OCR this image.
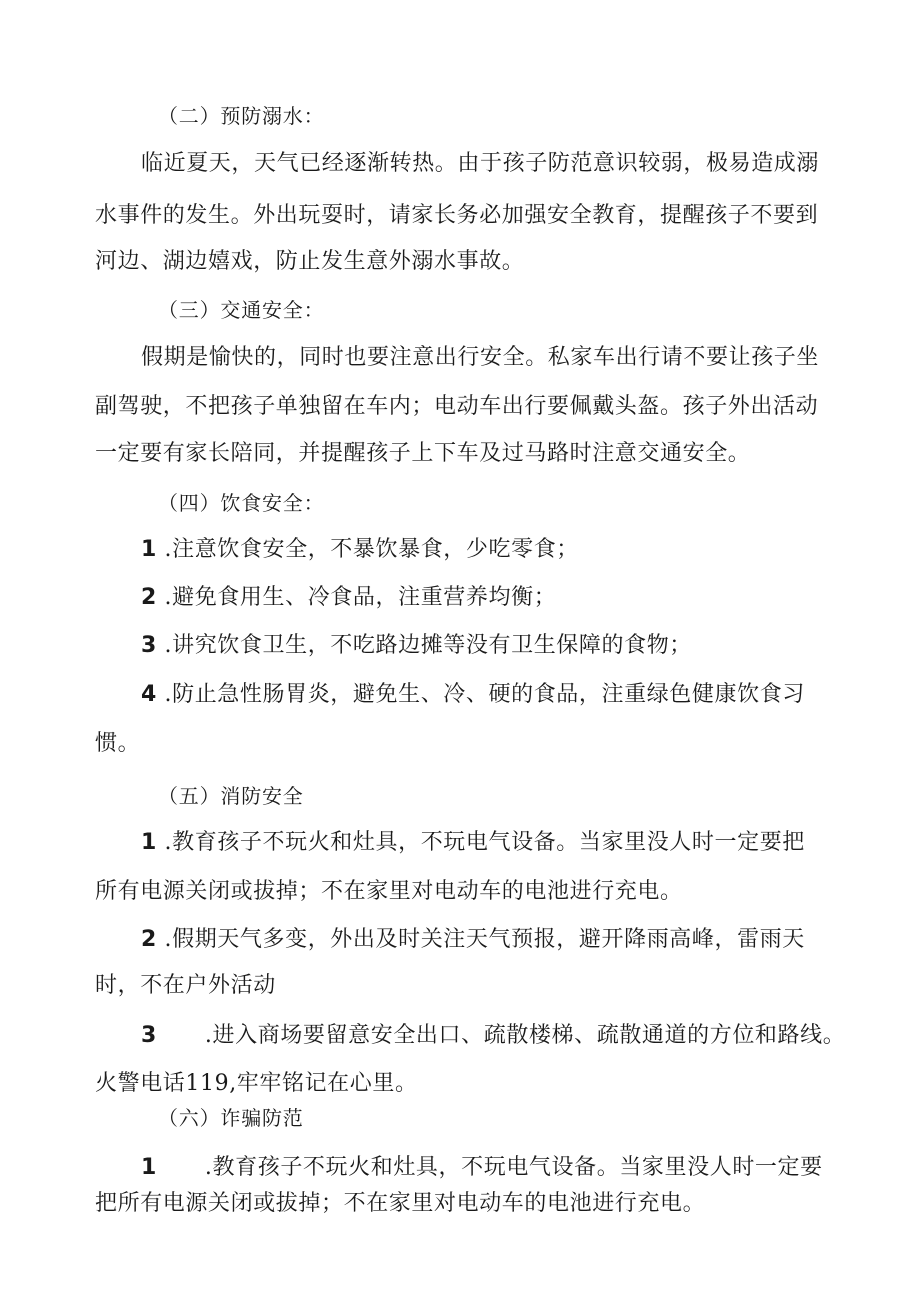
（二）预防溺水：
临近夏天，天气已经逐渐转热。由于孩子防范意识较弱，极易造成溺
水事件的发生。外出玩耍时，请家长务必加强安全教育，提醒孩子不要到
河边、湖边嬉戏，防止发生意外溺水事故。
（三）交通安全：
假期是愉快的，同时也要注意出行安全。私家车出行请不要让孩子坐
副驾驶，不把孩子单独留在车内；电动车出行要佩戴头盔。孩子外出活动
一定要有家长陪同，并提醒孩子上下车及过马路时注意交通安全。
（四）饮食安全：
1 .注意饮食安全，不暴饮暴食，少吃零食；
2 .避免食用生、冷食品，注重营养均衡；
3 .讲究饮食卫生，不吃路边摊等没有卫生保障的食物；
4 .防止急性肠胃炎，避免生、冷、硬的食品，注重绿色健康饮食习
惯。
（五）消防安全
1 .教育孩子不玩火和灶具，不玩电气设备。当家里没人时一定要把
所有电源关闭或拔掉；不在家里对电动车的电池进行充电。
2 .假期天气多变，外出及时关注天气预报，避开降雨高峰，雷雨天
时，不在户外活动
3 .进入商场要留意安全出口、疏散楼梯、疏散通道的方位和路线。
火警电话119,牢牢铭记在心里。
（六）诈骗防范
1 .教育孩子不玩火和灶具，不玩电气设备。当家里没人时一定要
把所有电源关闭或拔掉；不在家里对电动车的电池进行充电。
